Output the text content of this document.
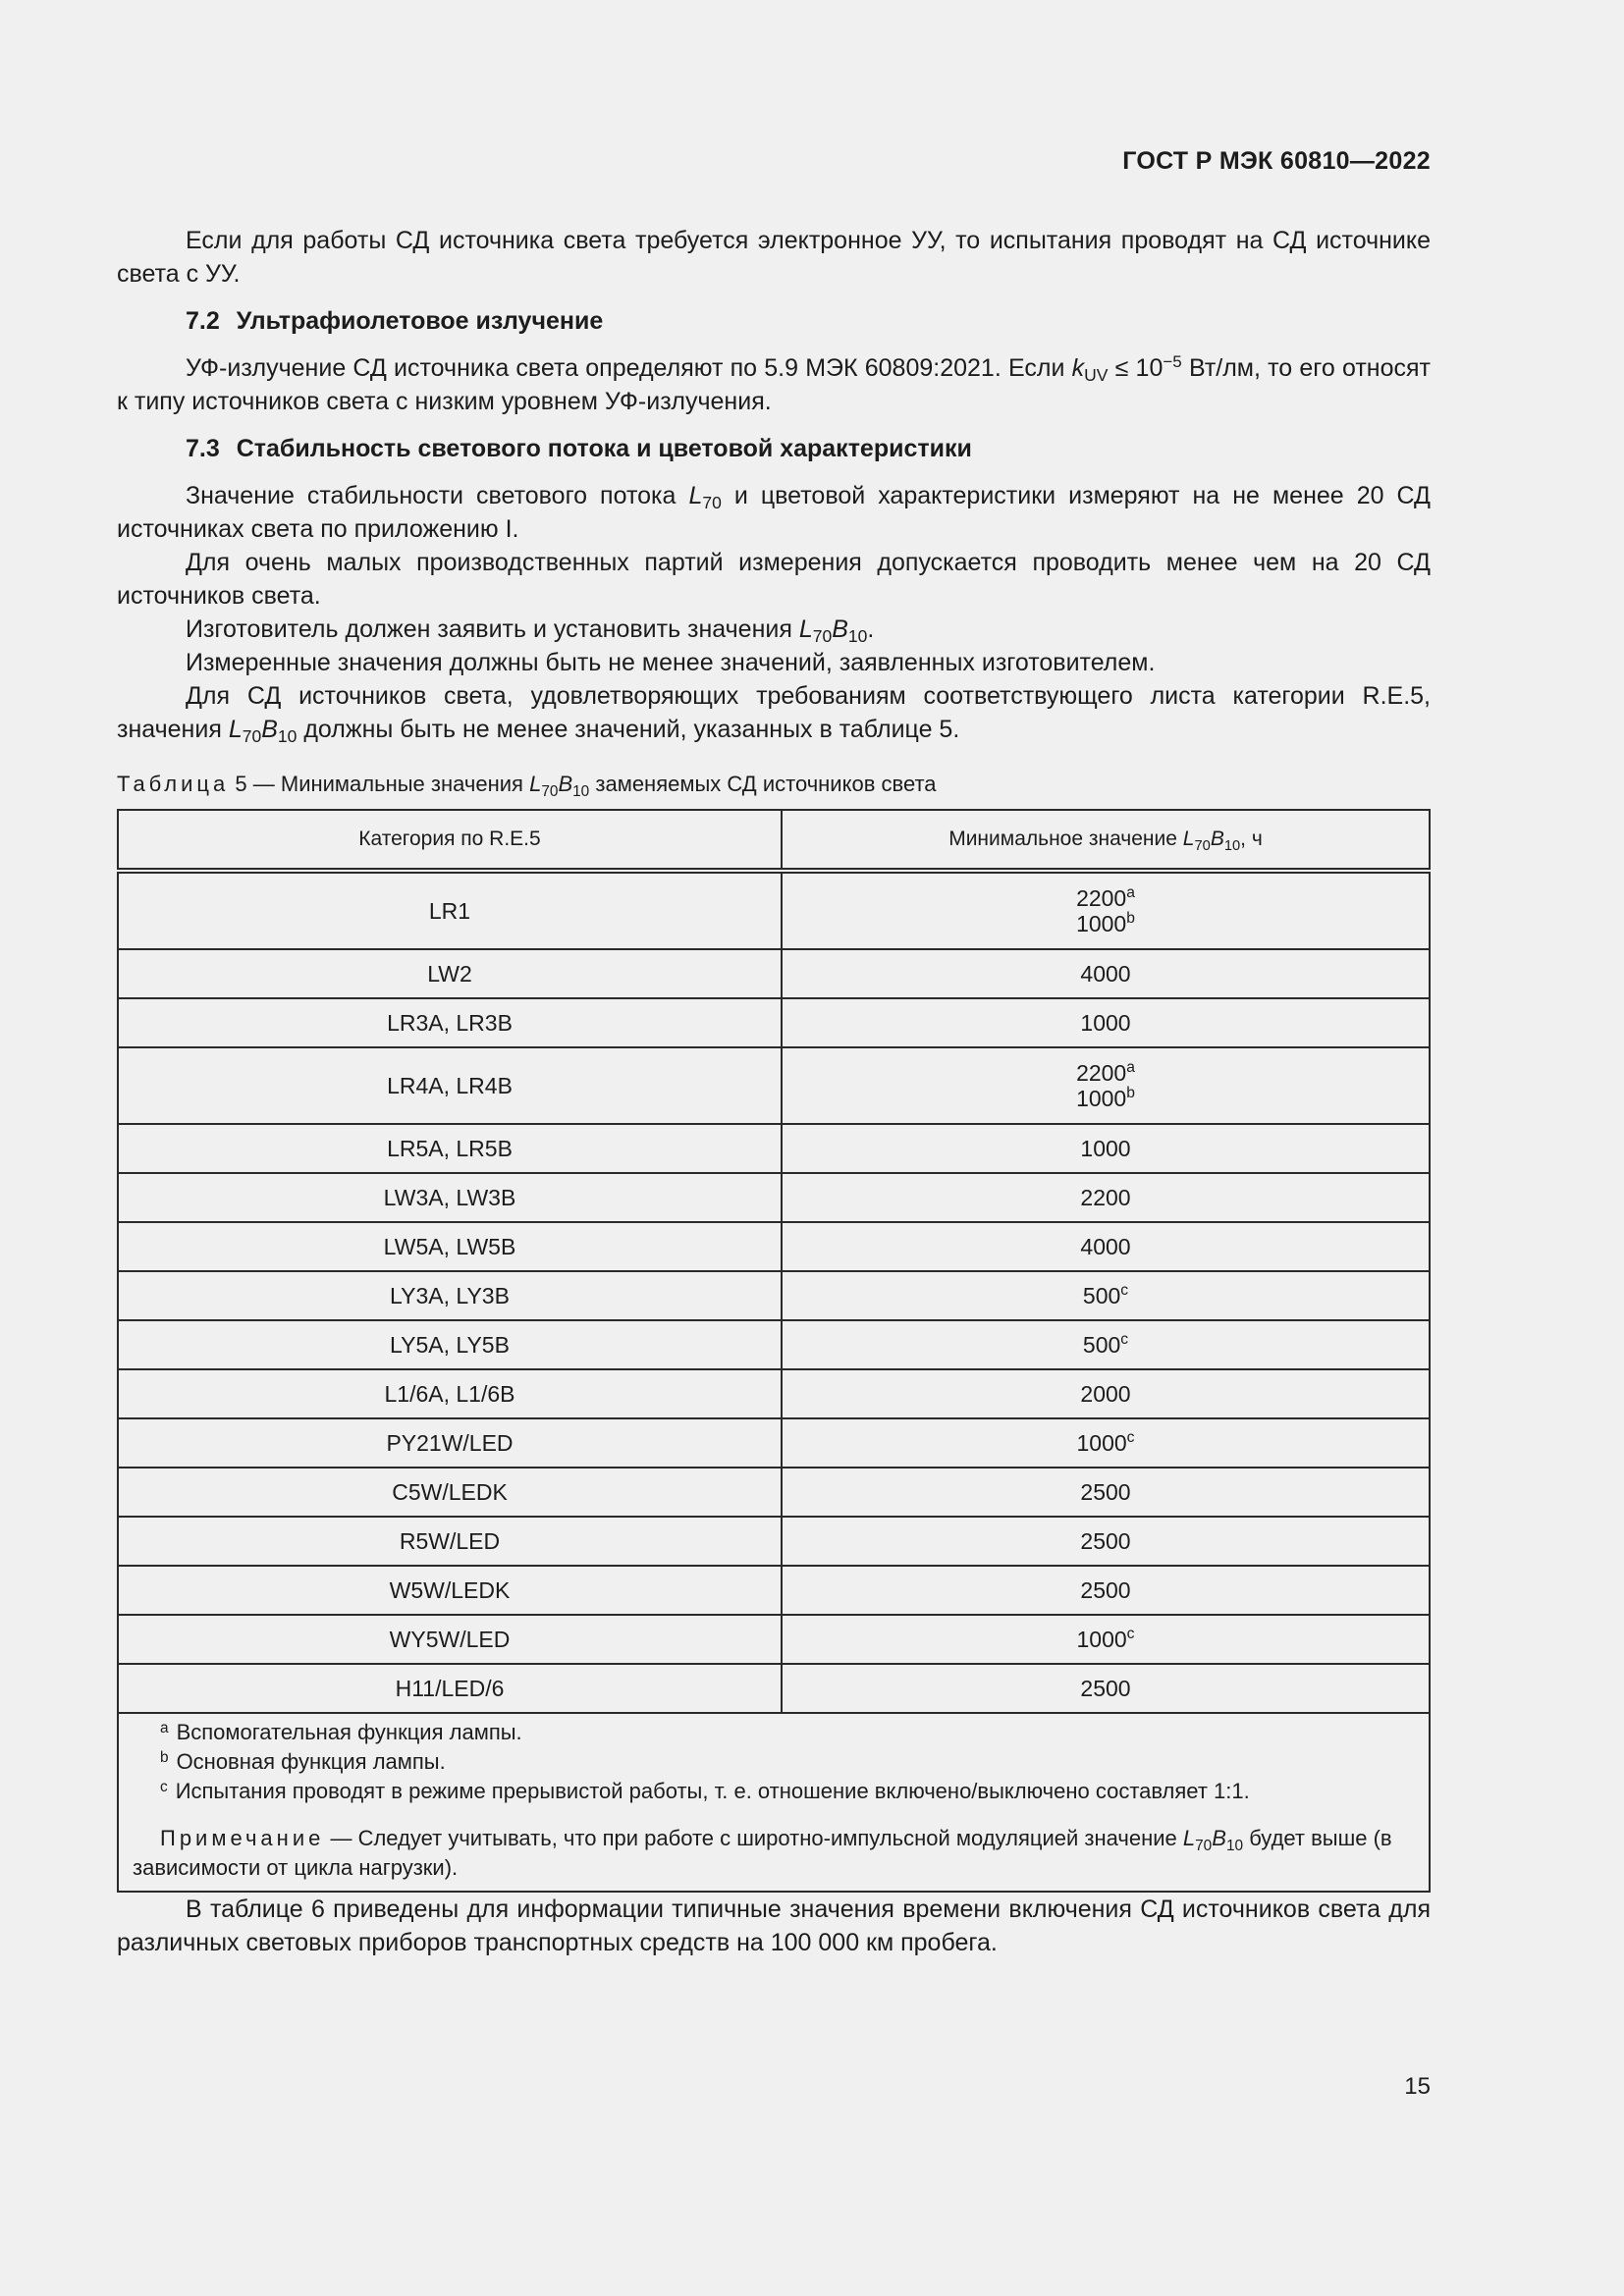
ГОСТ Р МЭК 60810—2022

Если для работы СД источника света требуется электронное УУ, то испытания проводят на СД источнике света с УУ.

7.2 Ультрафиолетовое излучение

УФ-излучение СД источника света определяют по 5.9 МЭК 60809:2021. Если $k_{UV} \le 10^{-5}$ Вт/лм, то его относят к типу источников света с низким уровнем УФ-излучения.

7.3 Стабильность светового потока и цветовой характеристики

Значение стабильности светового потока $L_{70}$ и цветовой характеристики измеряют на не менее 20 СД источниках света по приложению I.

Для очень малых производственных партий измерения допускается проводить менее чем на 20 СД источников света.

Изготовитель должен заявить и установить значения $L_{70}B_{10}$.

Измеренные значения должны быть не менее значений, заявленных изготовителем.

Для СД источников света, удовлетворяющих требованиям соответствующего листа категории R.E.5, значения $L_{70}B_{10}$ должны быть не менее значений, указанных в таблице 5.

Таблица 5 — Минимальные значения $L_{70}B_{10}$ заменяемых СД источников света
Категория по R.E.5	Минимальное значение $L_{70}B_{10}$, ч
LR1	2200$^a$
1000$^b$

LW2	4000

LR3A, LR3B	1000

LR4A, LR4B	2200$^a$
1000$^b$

LR5A, LR5B	1000

LW3A, LW3B	2200

LW5A, LW5B	4000

LY3A, LY3B	500$^c$

LY5A, LY5B	500$^c$

L1/6A, L1/6B	2000

PY21W/LED	1000$^c$

C5W/LEDK	2500

R5W/LED	2500

W5W/LEDK	2500

WY5W/LED	1000$^c$

H11/LED/6	2500

$^a$ Вспомогательная функция лампы.
$^b$ Основная функция лампы.
$^c$ Испытания проводят в режиме прерывистой работы, т. е. отношение включено/выключено составляет 1:1.
Примечание — Следует учитывать, что при работе с широтно-импульсной модуляцией значение $L_{70}B_{10}$ будет выше (в зависимости от цикла нагрузки).	

В таблице 6 приведены для информации типичные значения времени включения СД источников света для различных световых приборов транспортных средств на 100 000 км пробега.

15
